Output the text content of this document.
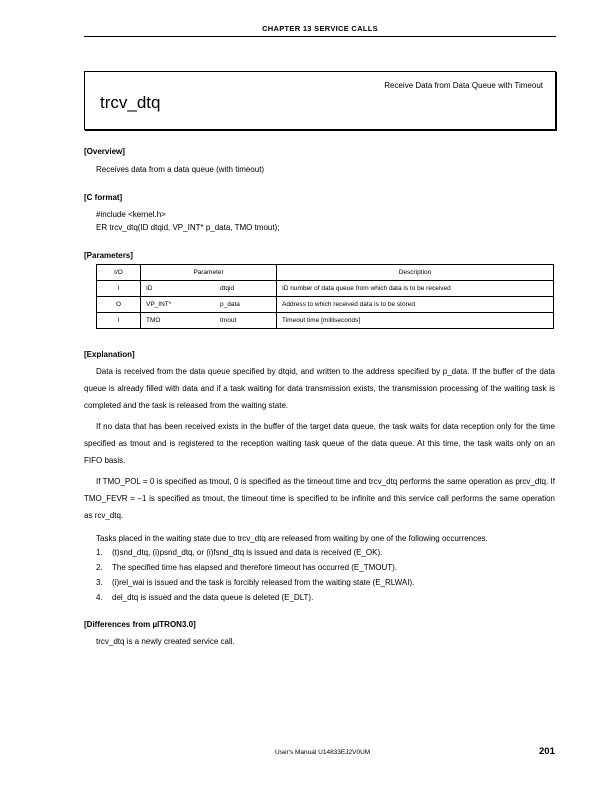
CHAPTER 13 SERVICE CALLS
Receive Data from Data Queue with Timeout
trcv_dtq
[Overview]
Receives data from a data queue (with timeout)
[C format]
#include <kernel.h>
ER trcv_dtq(ID dtqid, VP_INT* p_data, TMO tmout);
[Parameters]
I/O	Parameter		Description
I	ID	dtqid	ID number of data queue from which data is to be received
O	VP_INT*	p_data	Address to which received data is to be stored
I	TMO	tmout	Timeout time [milliseconds]
[Explanation]

Data is received from the data queue specified by dtqid, and written to the address specified by p_data. If the buffer of the data queue is already filled with data and if a task waiting for data transmission exists, the transmission processing of the waiting task is completed and the task is released from the waiting state.

If no data that has been received exists in the buffer of the target data queue, the task waits for data reception only for the time specified as tmout and is registered to the reception waiting task queue of the data queue. At this time, the task waits only on an FIFO basis.

If TMO_POL = 0 is specified as tmout, 0 is specified as the timeout time and trcv_dtq performs the same operation as prcv_dtq. If TMO_FEVR = –1 is specified as tmout, the timeout time is specified to be infinite and this service call performs the same operation as rcv_dtq.

Tasks placed in the waiting state due to trcv_dtq are released from waiting by one of the following occurrences.

1. (t)snd_dtq, (i)psnd_dtq, or (i)fsnd_dtq is issued and data is received (E_OK).
2. The specified time has elapsed and therefore timeout has occurred (E_TMOUT).
3. (i)rel_wai is issued and the task is forcibly released from the waiting state (E_RLWAI).
4. del_dtq is issued and the data queue is deleted (E_DLT).
[Differences from µITRON3.0]
trcv_dtq is a newly created service call.
User's Manual U14833EJ2V0UM	201
